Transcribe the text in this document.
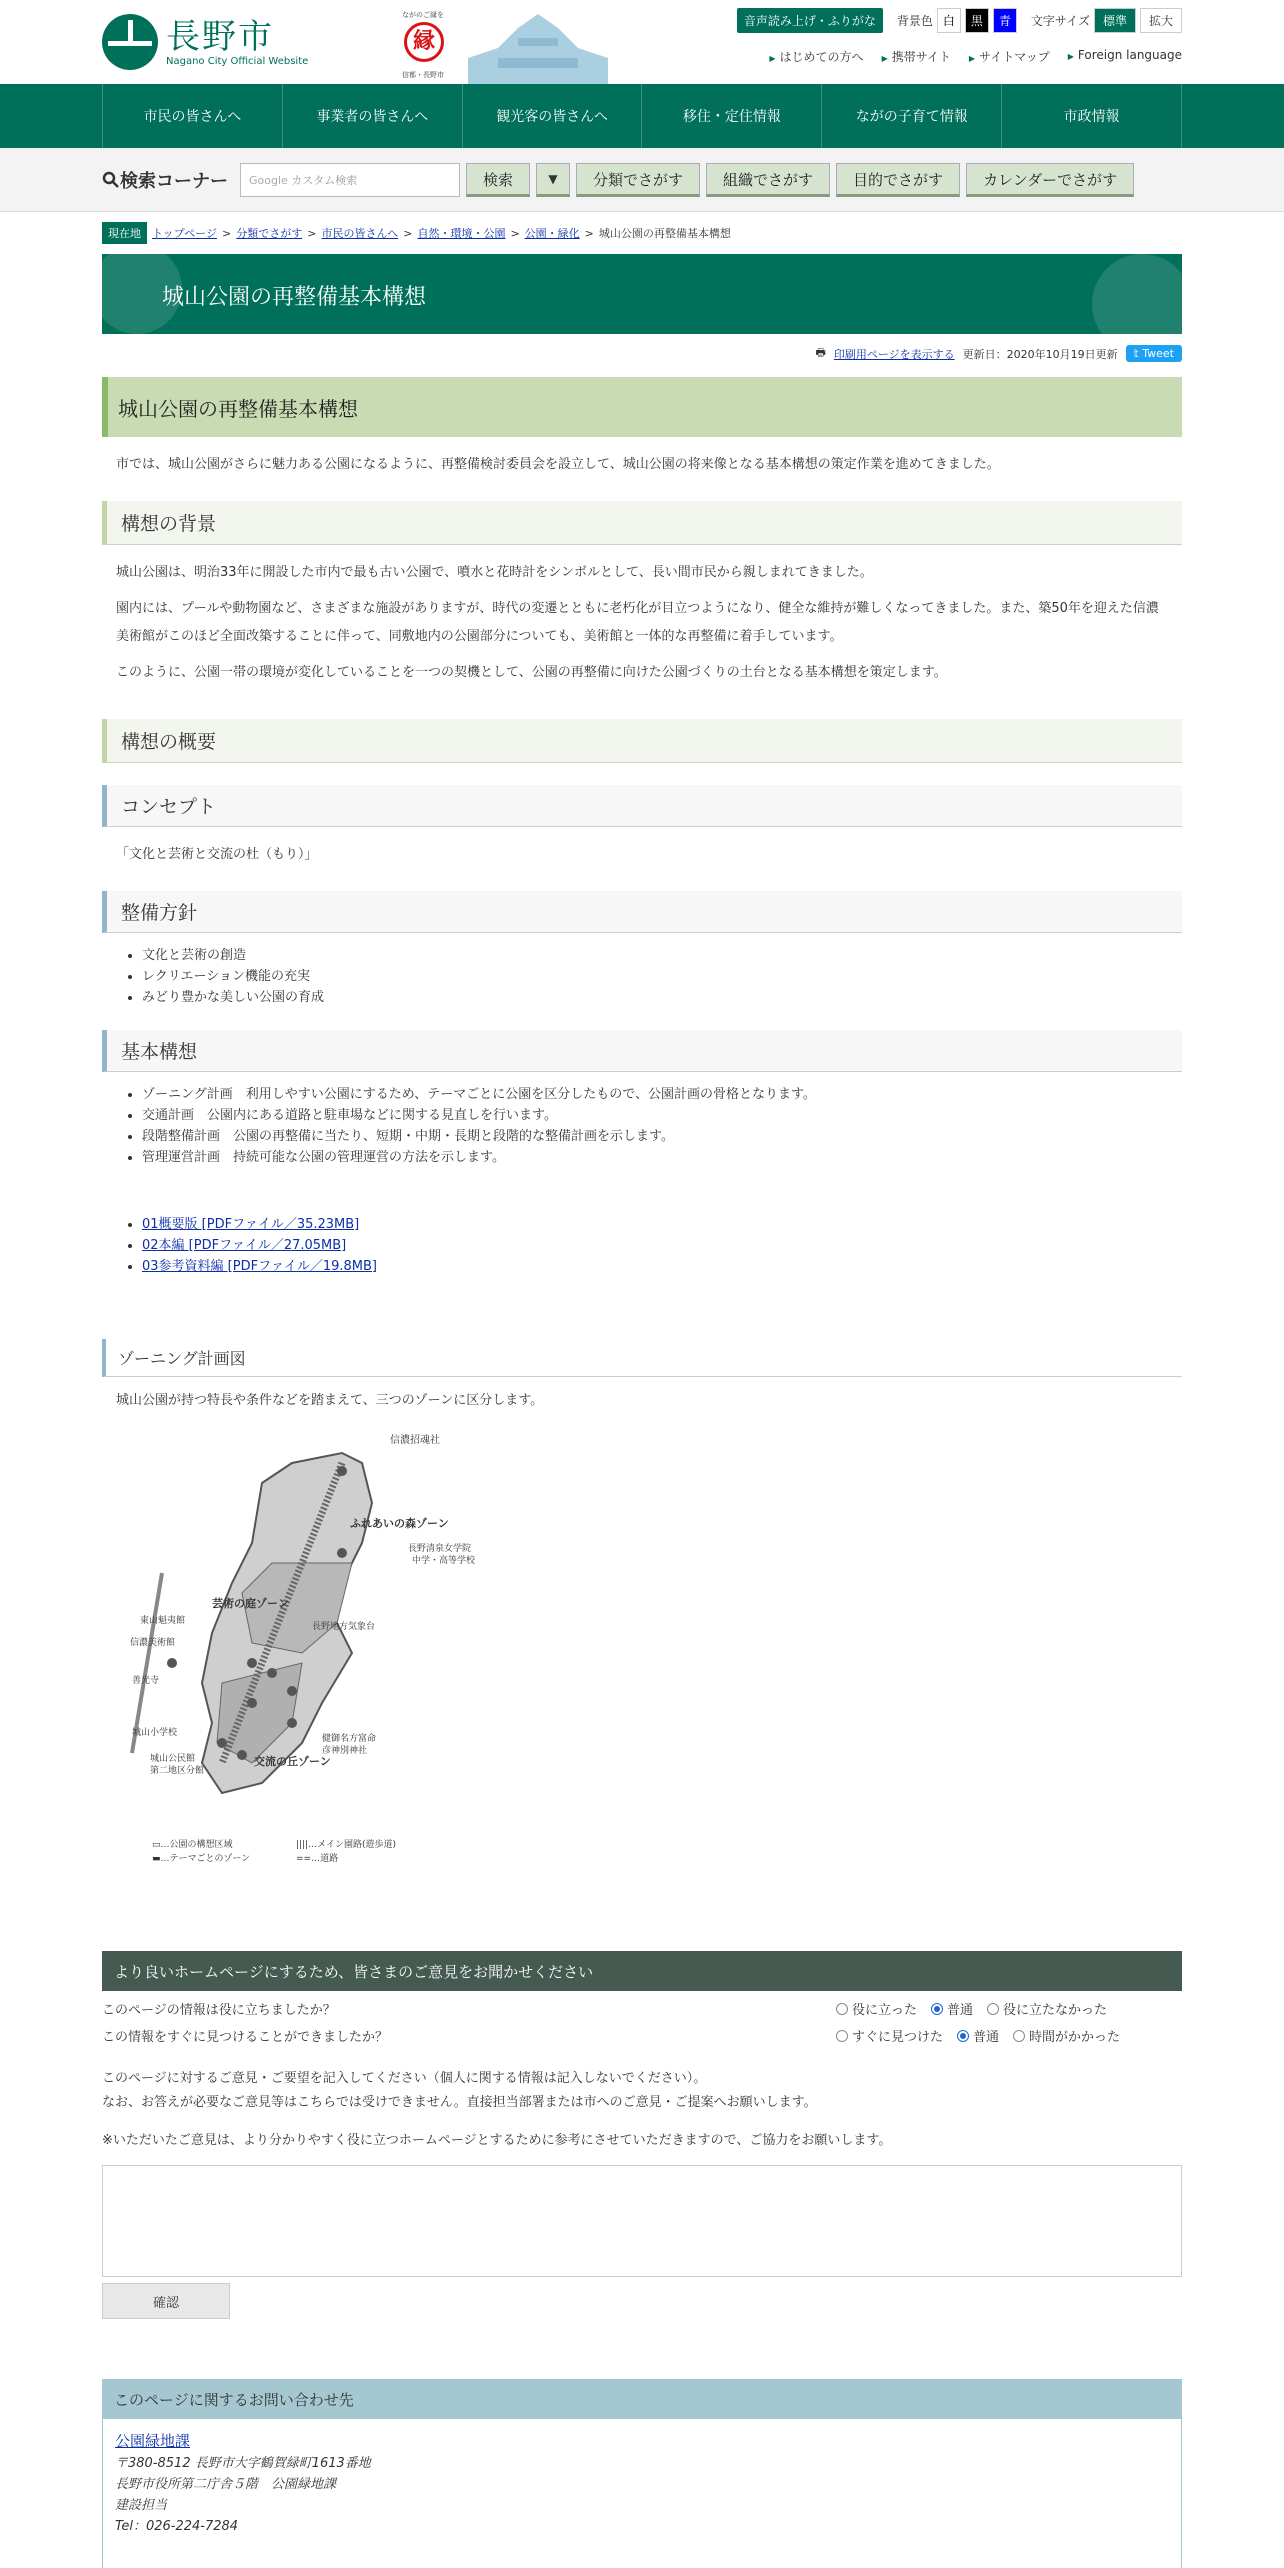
長野市
Nagano City Official Website
ながのご縁を
縁
信都・長野市
音声読み上げ・ふりがな	背景色 白	黒	青	文字サイズ	標準	拡大
▶ はじめての方へ	▶ 携帯サイト	▶ サイトマップ	▶ Foreign language
市民の皆さんへ	事業者の皆さんへ	観光客の皆さんへ	移住・定住情報	ながの子育て情報	市政情報
検索コーナー Google
カスタム検索	検索	▼	分類でさがす	組織でさがす	目的でさがす	カレンダーでさがす
現在地	トップページ > 分類でさがす > 市民の皆さんへ > 自然・環境・公園 > 公園・緑化 > 城山公園の再整備基本構想
城山公園の再整備基本構想
🖶 印刷用ページを表示する 更新日：2020年10月19日更新	𝕥 Tweet
城山公園の再整備基本構想

市では、城山公園がさらに魅力ある公園になるように、再整備検討委員会を設立して、城山公園の将来像となる基本構想の策定作業を進めてきました。

構想の背景

城山公園は、明治33年に開設した市内で最も古い公園で、噴水と花時計をシンボルとして、長い間市民から親しまれてきました。

園内には、プールや動物園など、さまざまな施設がありますが、時代の変遷とともに老朽化が目立つようになり、健全な維持が難しくなってきました。また、築50年を迎えた信濃美術館がこのほど全面改築することに伴って、同敷地内の公園部分についても、美術館と一体的な再整備に着手しています。

このように、公園一帯の環境が変化していることを一つの契機として、公園の再整備に向けた公園づくりの土台となる基本構想を策定します。

構想の概要
コンセプト

「文化と芸術と交流の杜（もり）」

整備方針
• 文化と芸術の創造
• レクリエーション機能の充実
• みどり豊かな美しい公園の育成
基本構想
• ゾーニング計画　利用しやすい公園にするため、テーマごとに公園を区分したもので、公園計画の骨格となります。
• 交通計画　公園内にある道路と駐車場などに関する見直しを行います。
• 段階整備計画　公園の再整備に当たり、短期・中期・長期と段階的な整備計画を示します。
• 管理運営計画　持続可能な公園の管理運営の方法を示します。
• 01概要版 [PDFファイル／35.23MB]
• 02本編 [PDFファイル／27.05MB]
• 03参考資料編 [PDFファイル／19.8MB]
ゾーニング計画図

城山公園が持つ特長や条件などを踏まえて、三つのゾーンに区分します。

信濃招魂社
ふれあいの森ゾーン
長野清泉女学院
中学・高等学校
芸術の庭ゾーン
東山魁夷館
信濃美術館
長野地方気象台
善光寺
城山小学校
城山公民館
第二地区分館
健御名方富命
彦神別神社
交流の丘ゾーン
▭…公園の構想区域
▬…テーマごとのゾーン
||||…メイン園路(遊歩道)
==…道路
より良いホームページにするため、皆さまのご意見をお聞かせください
このページの情報は役に立ちましたか？	役に立った 普通 役に立たなかった
この情報をすぐに見つけることができましたか？	すぐに見つけた 普通 時間がかかった
このページに対するご意見・ご要望を記入してください（個人に関する情報は記入しないでください）。
なお、お答えが必要なご意見等はこちらでは受けできません。直接担当部署または市へのご意見・ご提案へお願いします。
※いただいたご意見は、より分かりやすく役に立つホームページとするために参考にさせていただきますので、ご協力をお願いします。
確認
このページに関するお問い合わせ先
公園緑地課
〒380-8512 長野市大字鶴賀緑町1613番地
長野市役所第二庁舎５階　公園緑地課
建設担当
Tel：026-224-7284
